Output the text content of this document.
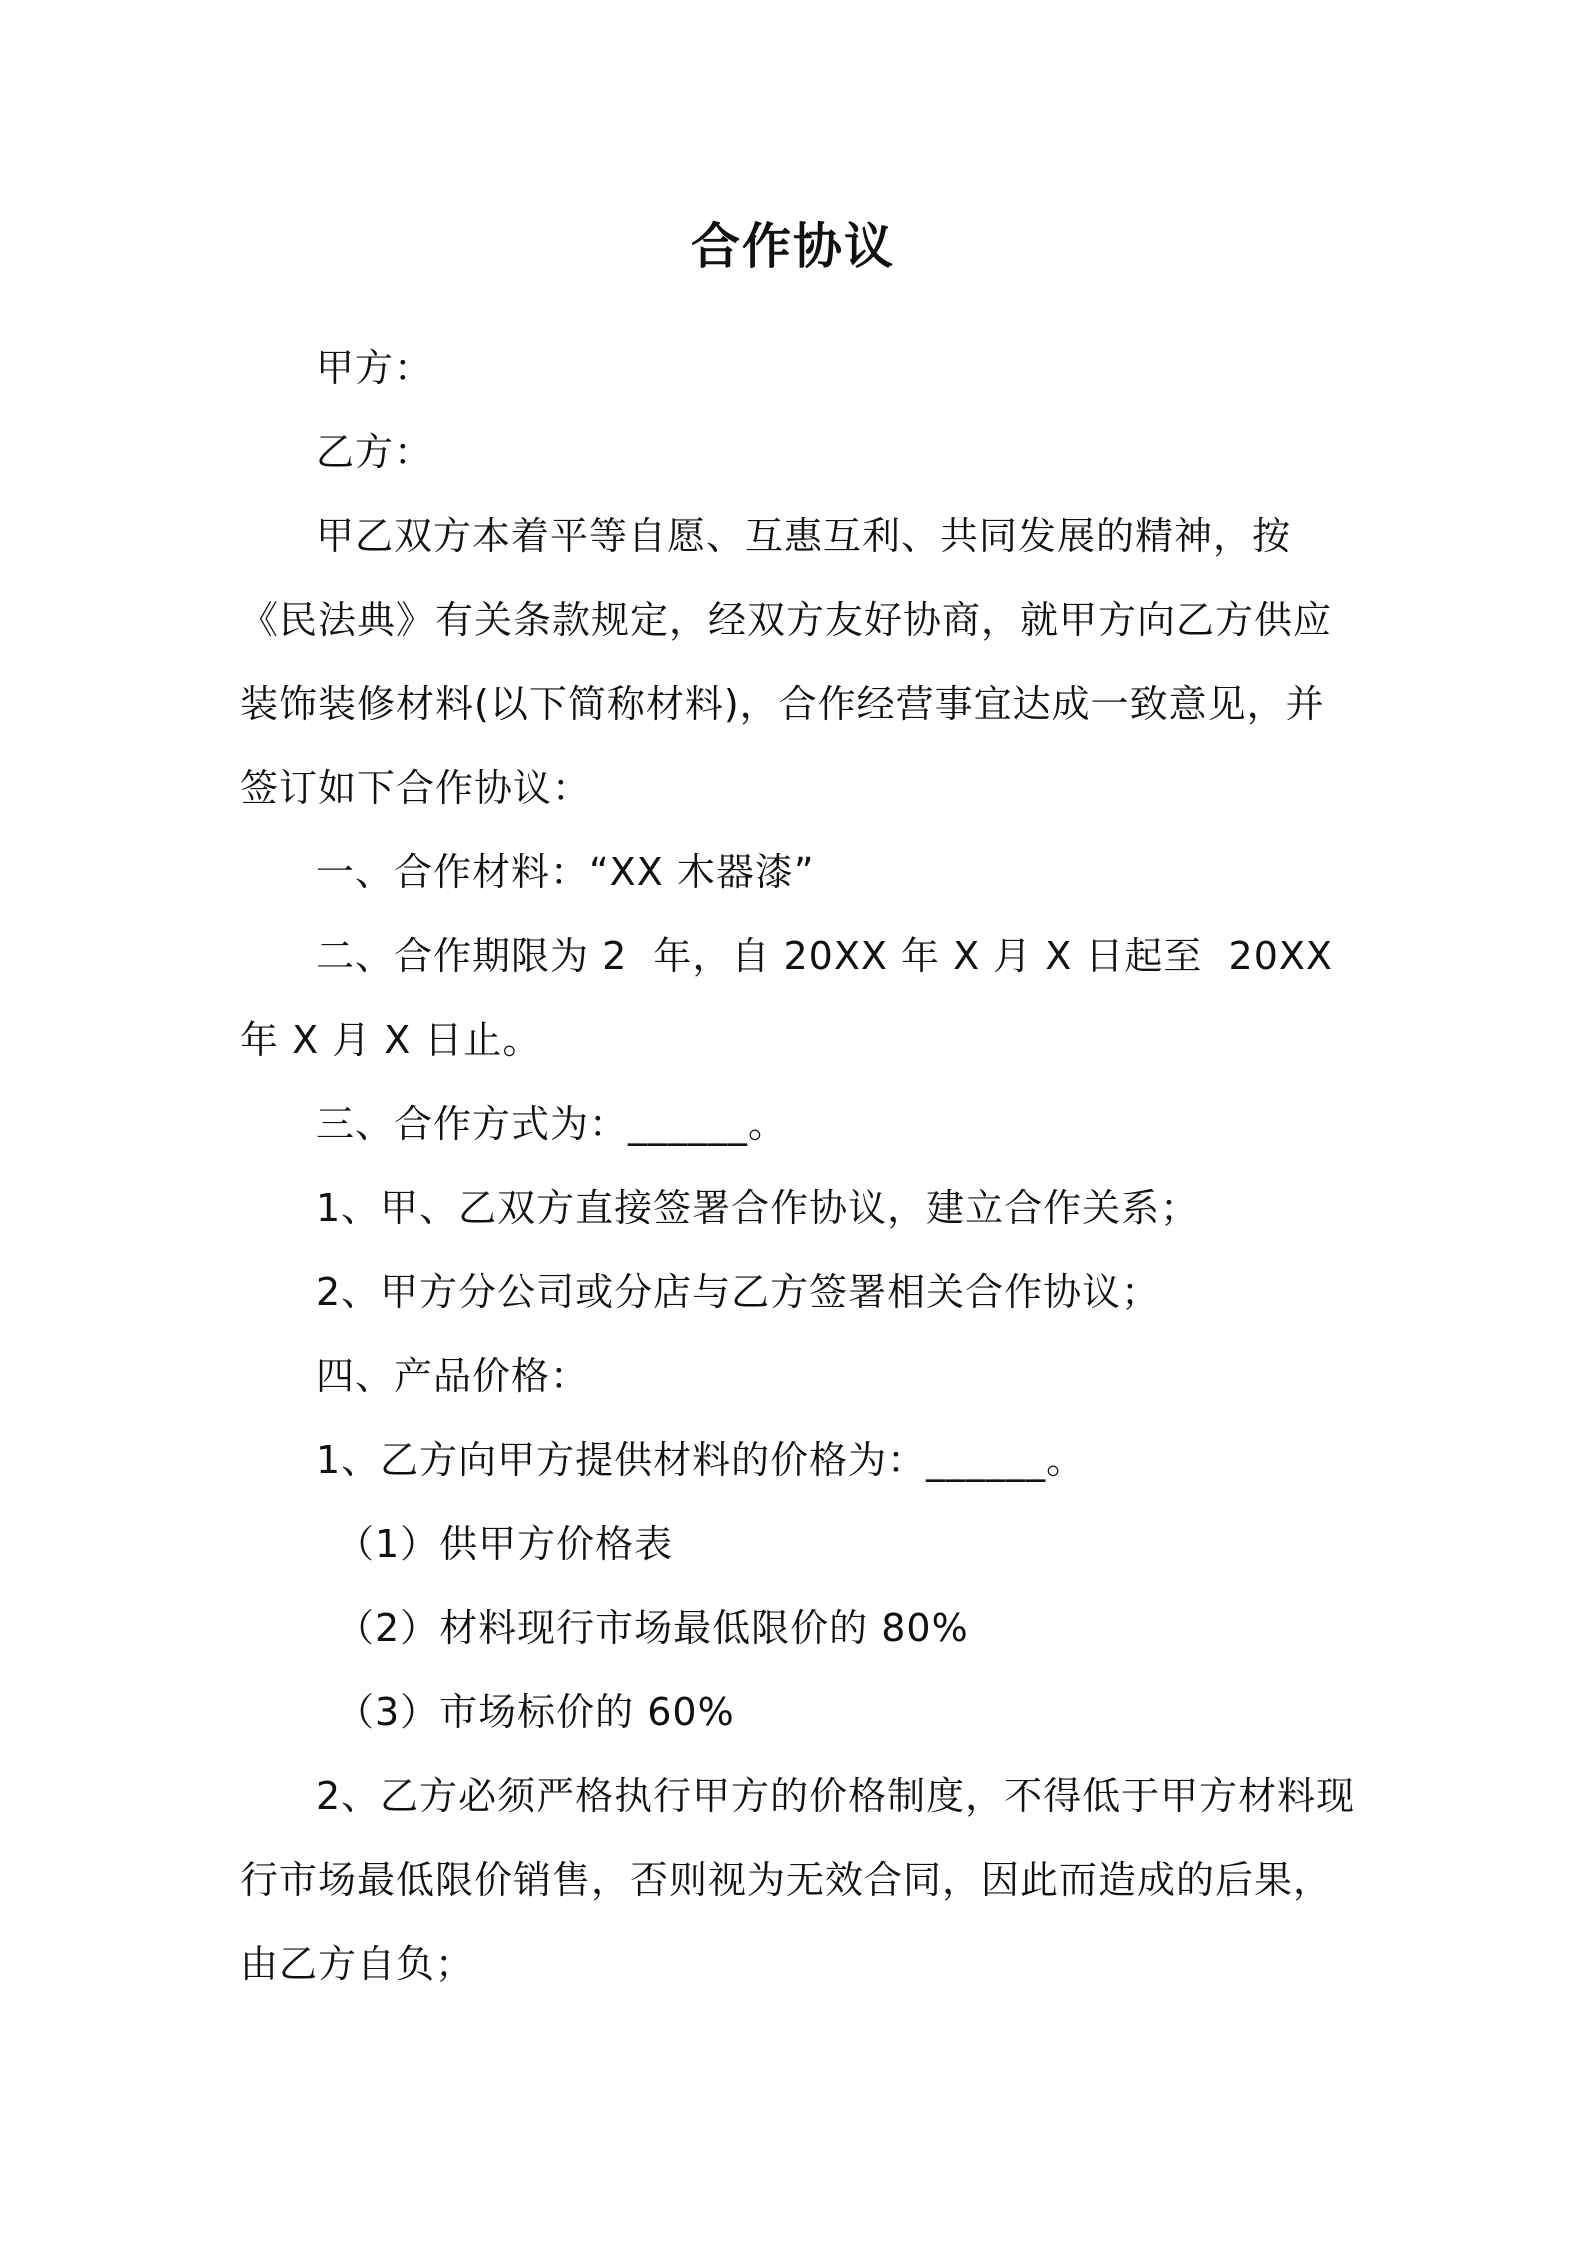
合作协议

甲方：

乙方：

甲乙双方本着平等自愿、互惠互利、共同发展的精神，按《民法典》有关条款规定，经双方友好协商，就甲方向乙方供应装饰装修材料(以下简称材料)，合作经营事宜达成一致意见，并签订如下合作协议：

一、合作材料：“XX 木器漆”

二、合作期限为 2  年，自 20XX 年 X 月 X 日起至  20XX 年 X 月 X 日止。

三、合作方式为：______。

1、甲、乙双方直接签署合作协议，建立合作关系；

2、甲方分公司或分店与乙方签署相关合作协议；

四、产品价格：

1、乙方向甲方提供材料的价格为：______。

（1）供甲方价格表

（2）材料现行市场最低限价的 80%

（3）市场标价的 60%

2、乙方必须严格执行甲方的价格制度，不得低于甲方材料现行市场最低限价销售，否则视为无效合同，因此而造成的后果，由乙方自负；
